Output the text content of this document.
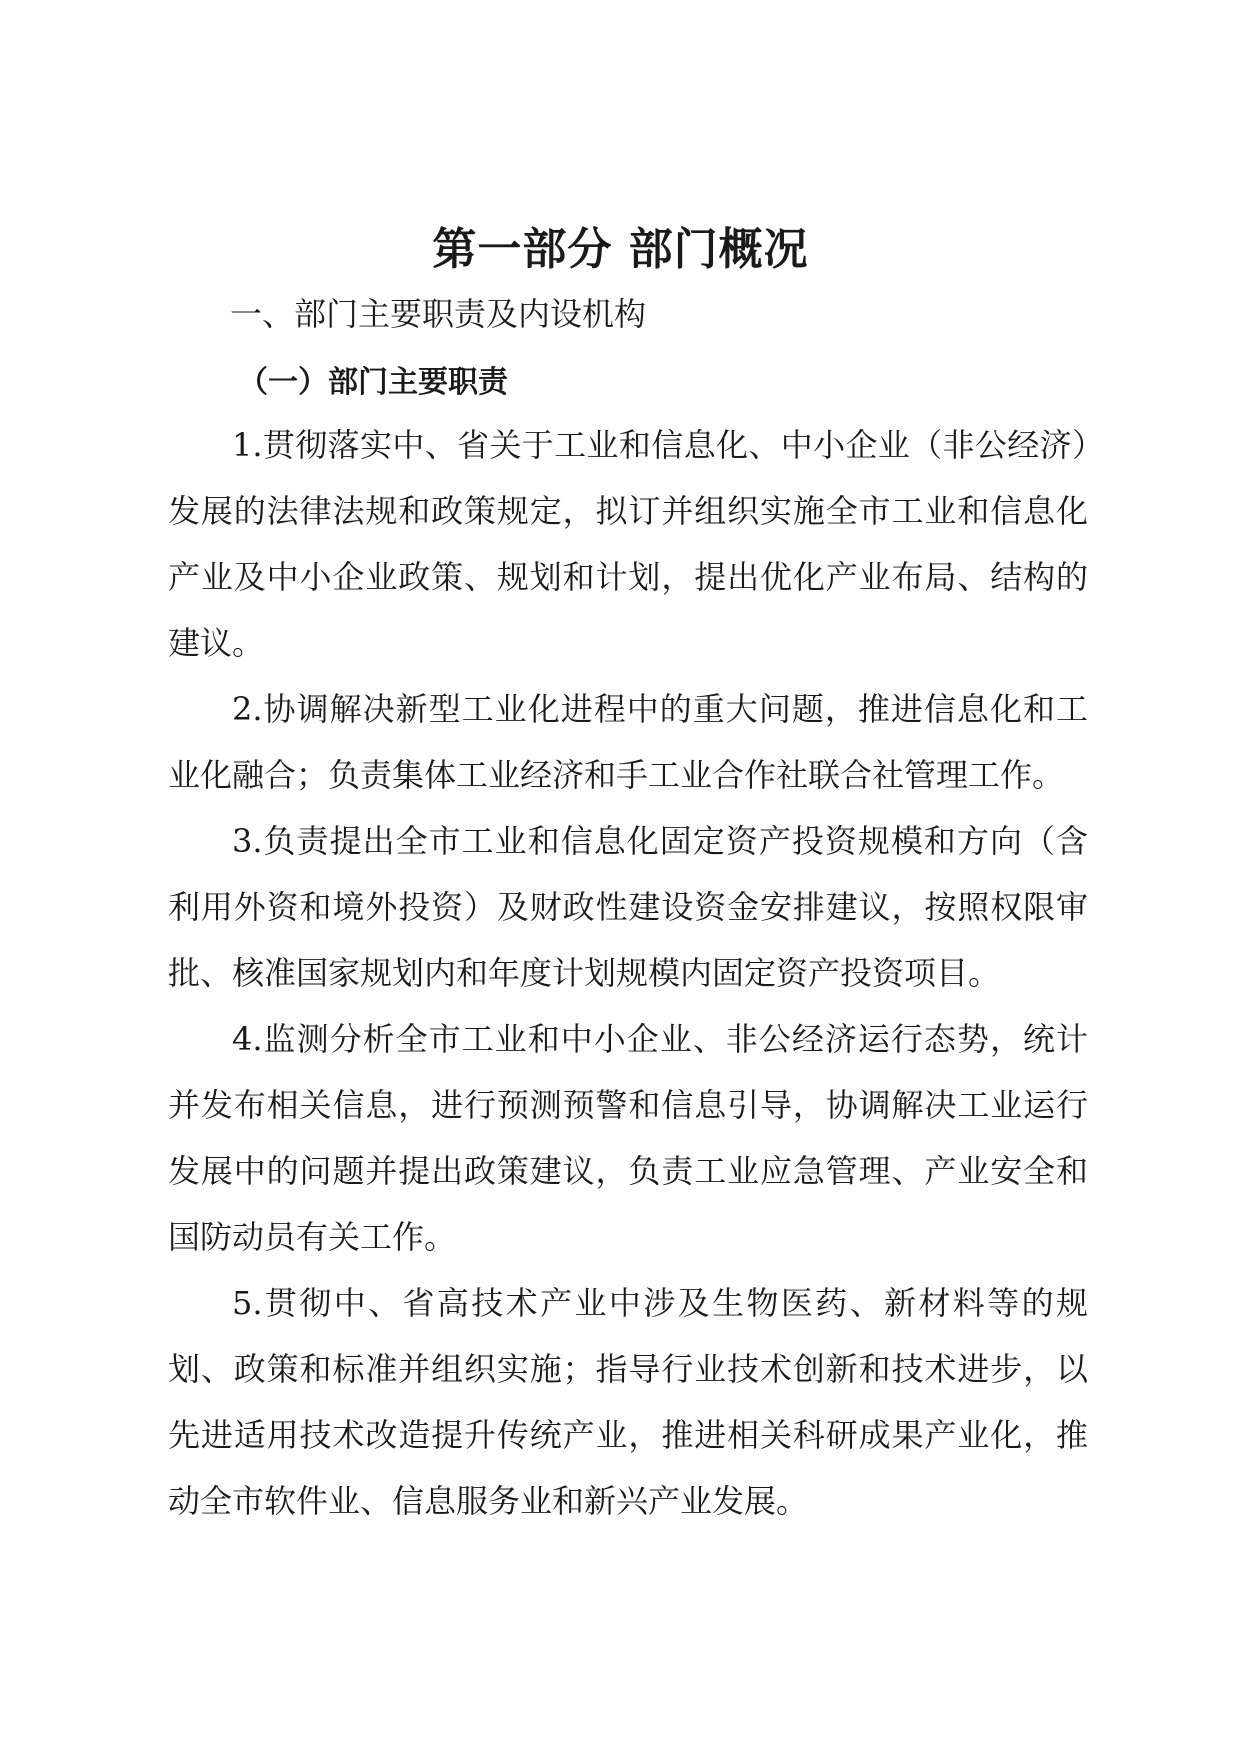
第一部分 部门概况
一、部门主要职责及内设机构
（一）部门主要职责
1.贯彻落实中、省关于工业和信息化、中小企业（非公经济）发展的法律法规和政策规定，拟订并组织实施全市工业和信息化产业及中小企业政策、规划和计划，提出优化产业布局、结构的建议。
2.协调解决新型工业化进程中的重大问题，推进信息化和工业化融合；负责集体工业经济和手工业合作社联合社管理工作。
3.负责提出全市工业和信息化固定资产投资规模和方向（含利用外资和境外投资）及财政性建设资金安排建议，按照权限审批、核准国家规划内和年度计划规模内固定资产投资项目。
4.监测分析全市工业和中小企业、非公经济运行态势，统计并发布相关信息，进行预测预警和信息引导，协调解决工业运行发展中的问题并提出政策建议，负责工业应急管理、产业安全和国防动员有关工作。
5.贯彻中、省高技术产业中涉及生物医药、新材料等的规划、政策和标准并组织实施；指导行业技术创新和技术进步，以先进适用技术改造提升传统产业，推进相关科研成果产业化，推动全市软件业、信息服务业和新兴产业发展。
